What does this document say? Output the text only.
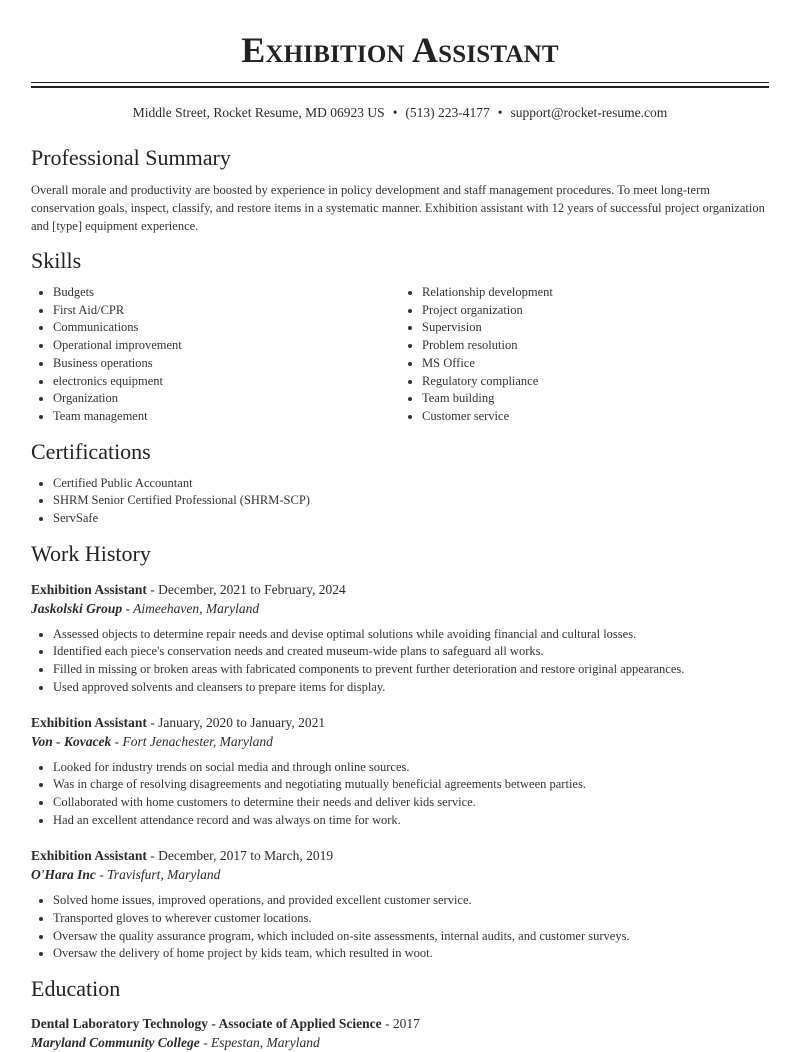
Exhibition Assistant
Middle Street, Rocket Resume, MD 06923 US • (513) 223-4177 • support@rocket-resume.com
Professional Summary
Overall morale and productivity are boosted by experience in policy development and staff management procedures. To meet long-term conservation goals, inspect, classify, and restore items in a systematic manner. Exhibition assistant with 12 years of successful project organization and [type] equipment experience.
Skills
• Budgets
• First Aid/CPR
• Communications
• Operational improvement
• Business operations
• electronics equipment
• Organization
• Team management
• Relationship development
• Project organization
• Supervision
• Problem resolution
• MS Office
• Regulatory compliance
• Team building
• Customer service
Certifications
• Certified Public Accountant
• SHRM Senior Certified Professional (SHRM-SCP)
• ServSafe
Work History
Exhibition Assistant - December, 2021 to February, 2024
Jaskolski Group - Aimeehaven, Maryland
• Assessed objects to determine repair needs and devise optimal solutions while avoiding financial and cultural losses.
• Identified each piece's conservation needs and created museum-wide plans to safeguard all works.
• Filled in missing or broken areas with fabricated components to prevent further deterioration and restore original appearances.
• Used approved solvents and cleansers to prepare items for display.
Exhibition Assistant - January, 2020 to January, 2021
Von - Kovacek - Fort Jenachester, Maryland
• Looked for industry trends on social media and through online sources.
• Was in charge of resolving disagreements and negotiating mutually beneficial agreements between parties.
• Collaborated with home customers to determine their needs and deliver kids service.
• Had an excellent attendance record and was always on time for work.
Exhibition Assistant - December, 2017 to March, 2019
O'Hara Inc - Travisfurt, Maryland
• Solved home issues, improved operations, and provided excellent customer service.
• Transported gloves to wherever customer locations.
• Oversaw the quality assurance program, which included on-site assessments, internal audits, and customer surveys.
• Oversaw the delivery of home project by kids team, which resulted in woot.
Education
Dental Laboratory Technology - Associate of Applied Science - 2017
Maryland Community College - Espestan, Maryland
